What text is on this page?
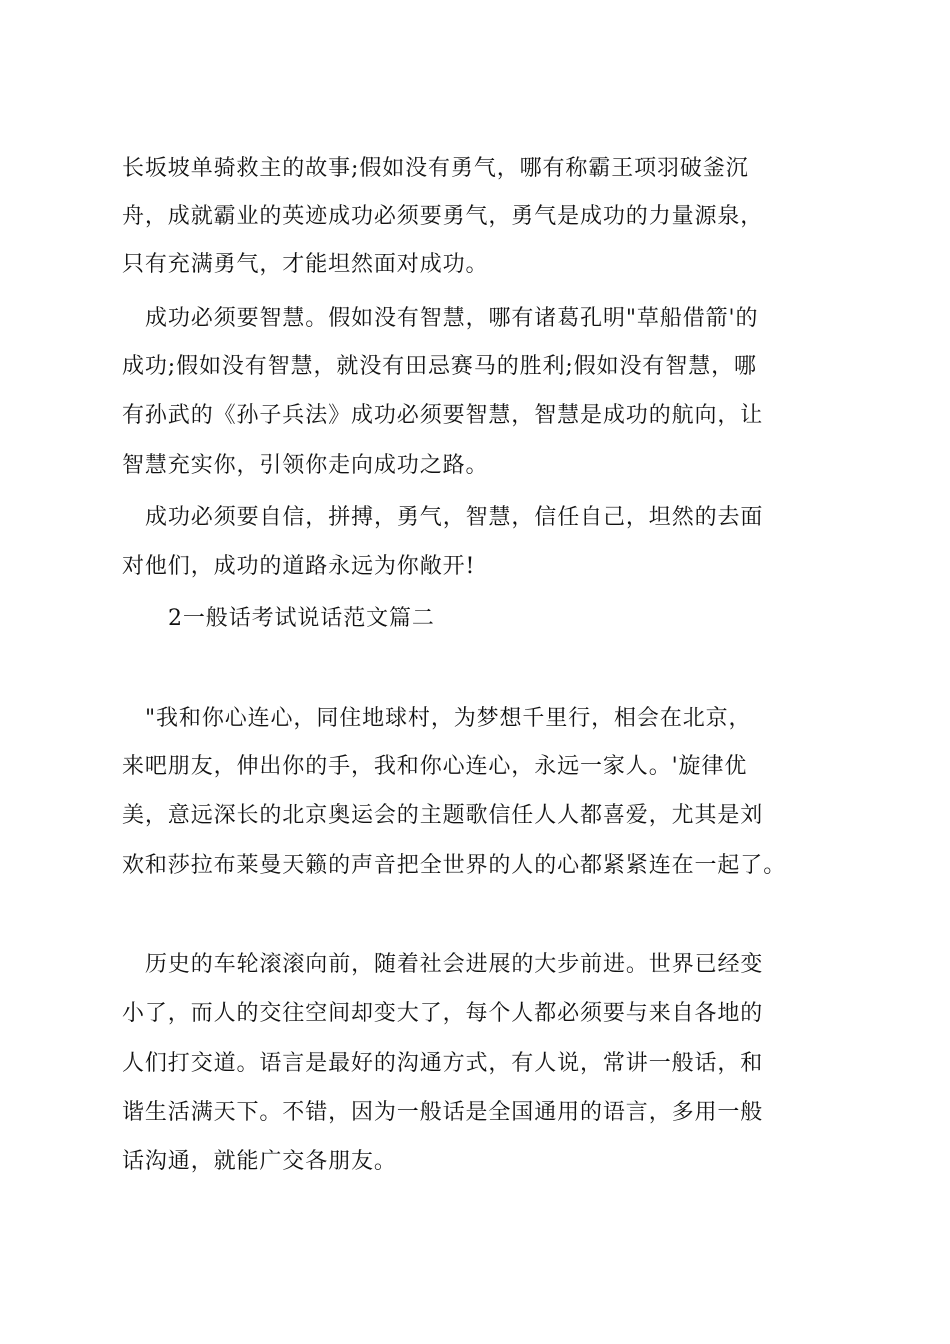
长坂坡单骑救主的故事;假如没有勇气，哪有称霸王项羽破釜沉
舟，成就霸业的英迹成功必须要勇气，勇气是成功的力量源泉，
只有充满勇气，才能坦然面对成功。
成功必须要智慧。假如没有智慧，哪有诸葛孔明"草船借箭'的
成功;假如没有智慧，就没有田忌赛马的胜利;假如没有智慧，哪
有孙武的《孙子兵法》成功必须要智慧，智慧是成功的航向，让
智慧充实你，引领你走向成功之路。
成功必须要自信，拼搏，勇气，智慧，信任自己，坦然的去面
对他们，成功的道路永远为你敞开!
2一般话考试说话范文篇二
"我和你心连心，同住地球村，为梦想千里行，相会在北京，
来吧朋友，伸出你的手，我和你心连心，永远一家人。'旋律优
美，意远深长的北京奥运会的主题歌信任人人都喜爱，尤其是刘
欢和莎拉布莱曼天籁的声音把全世界的人的心都紧紧连在一起了。
历史的车轮滚滚向前，随着社会进展的大步前进。世界已经变
小了，而人的交往空间却变大了，每个人都必须要与来自各地的
人们打交道。语言是最好的沟通方式，有人说，常讲一般话，和
谐生活满天下。不错，因为一般话是全国通用的语言，多用一般
话沟通，就能广交各朋友。
